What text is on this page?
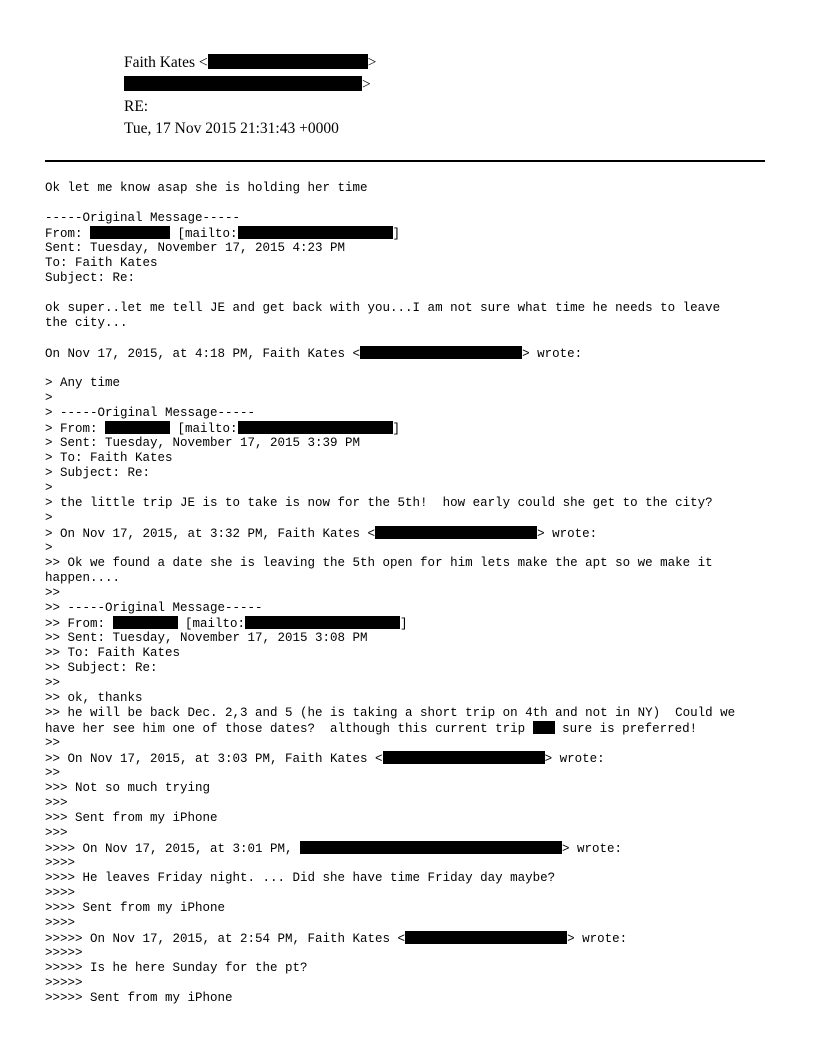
Faith Kates <	>
>
RE:
Tue, 17 Nov 2015 21:31:43 +0000
Ok let me know asap she is holding her time
-----Original Message-----
From:	[mailto:	]
Sent: Tuesday, November 17, 2015 4:23 PM
To: Faith Kates
Subject: Re:
ok super..let me tell JE and get back with you...I am not sure what time he needs to leave
the city...
On Nov 17, 2015, at 4:18 PM, Faith Kates <	> wrote:
> Any time
>
> -----Original Message-----
> From:	[mailto:	]
> Sent: Tuesday, November 17, 2015 3:39 PM
> To: Faith Kates
> Subject: Re:
>
> the little trip JE is to take is now for the 5th!  how early could she get to the city?
>
> On Nov 17, 2015, at 3:32 PM, Faith Kates <	> wrote:
>
>> Ok we found a date she is leaving the 5th open for him lets make the apt so we make it
happen....
>>
>> -----Original Message-----
>> From:	[mailto:	]
>> Sent: Tuesday, November 17, 2015 3:08 PM
>> To: Faith Kates
>> Subject: Re:
>>
>> ok, thanks
>> he will be back Dec. 2,3 and 5 (he is taking a short trip on 4th and not in NY)  Could we
have her see him one of those dates?  although this current trip  sure is preferred!
>>
>> On Nov 17, 2015, at 3:03 PM, Faith Kates <	> wrote:
>>
>>> Not so much trying
>>>
>>> Sent from my iPhone
>>>
>>>> On Nov 17, 2015, at 3:01 PM,	> wrote:
>>>>
>>>> He leaves Friday night. ... Did she have time Friday day maybe?
>>>>
>>>> Sent from my iPhone
>>>>
>>>>> On Nov 17, 2015, at 2:54 PM, Faith Kates <	> wrote:
>>>>>
>>>>> Is he here Sunday for the pt?
>>>>>
>>>>> Sent from my iPhone
